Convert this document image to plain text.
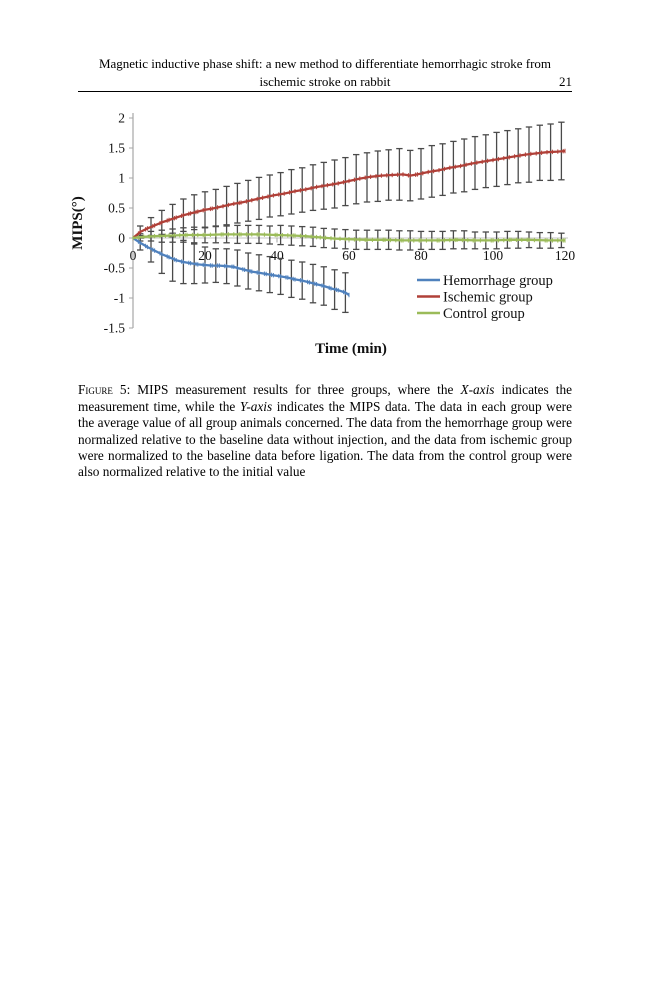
Magnetic inductive phase shift: a new method to differentiate hemorrhagic stroke from
ischemic stroke on rabbit	21
2
1.5
1
0.5
0
-0.5
-1
-1.5
0	20	40	60	80	100	120
MIPS(°)
Time (min)
Hemorrhage group
Ischemic group
Control group

Figure 5: MIPS measurement results for three groups, where the X-axis indicates the measurement time, while the Y-axis indicates the MIPS data. The data in each group were the average value of all group animals concerned. The data from the hemorrhage group were normalized relative to the baseline data without injection, and the data from ischemic group were normalized to the baseline data before ligation. The data from the control group were also normalized relative to the initial value
